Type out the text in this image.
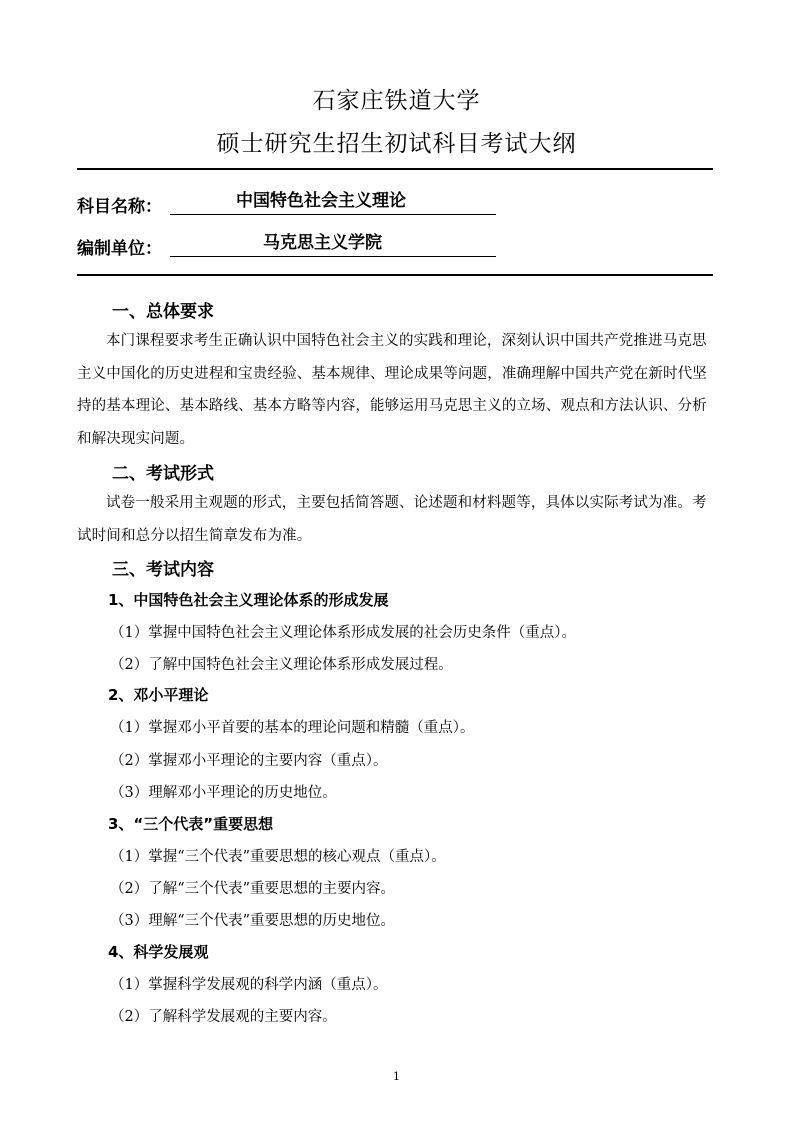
石家庄铁道大学
硕士研究生招生初试科目考试大纲
科目名称：	中国特色社会主义理论
编制单位：	马克思主义学院
一、总体要求
本门课程要求考生正确认识中国特色社会主义的实践和理论，深刻认识中国共产党推进马克思主义中国化的历史进程和宝贵经验、基本规律、理论成果等问题，准确理解中国共产党在新时代坚持的基本理论、基本路线、基本方略等内容，能够运用马克思主义的立场、观点和方法认识、分析和解决现实问题。
二、考试形式
试卷一般采用主观题的形式，主要包括简答题、论述题和材料题等，具体以实际考试为准。考试时间和总分以招生简章发布为准。
三、考试内容
1、中国特色社会主义理论体系的形成发展
（1）掌握中国特色社会主义理论体系形成发展的社会历史条件（重点）。
（2）了解中国特色社会主义理论体系形成发展过程。
2、邓小平理论
（1）掌握邓小平首要的基本的理论问题和精髓（重点）。
（2）掌握邓小平理论的主要内容（重点）。
（3）理解邓小平理论的历史地位。
3、“三个代表”重要思想
（1）掌握“三个代表”重要思想的核心观点（重点）。
（2）了解“三个代表”重要思想的主要内容。
（3）理解“三个代表”重要思想的历史地位。
4、科学发展观
（1）掌握科学发展观的科学内涵（重点）。
（2）了解科学发展观的主要内容。
1
